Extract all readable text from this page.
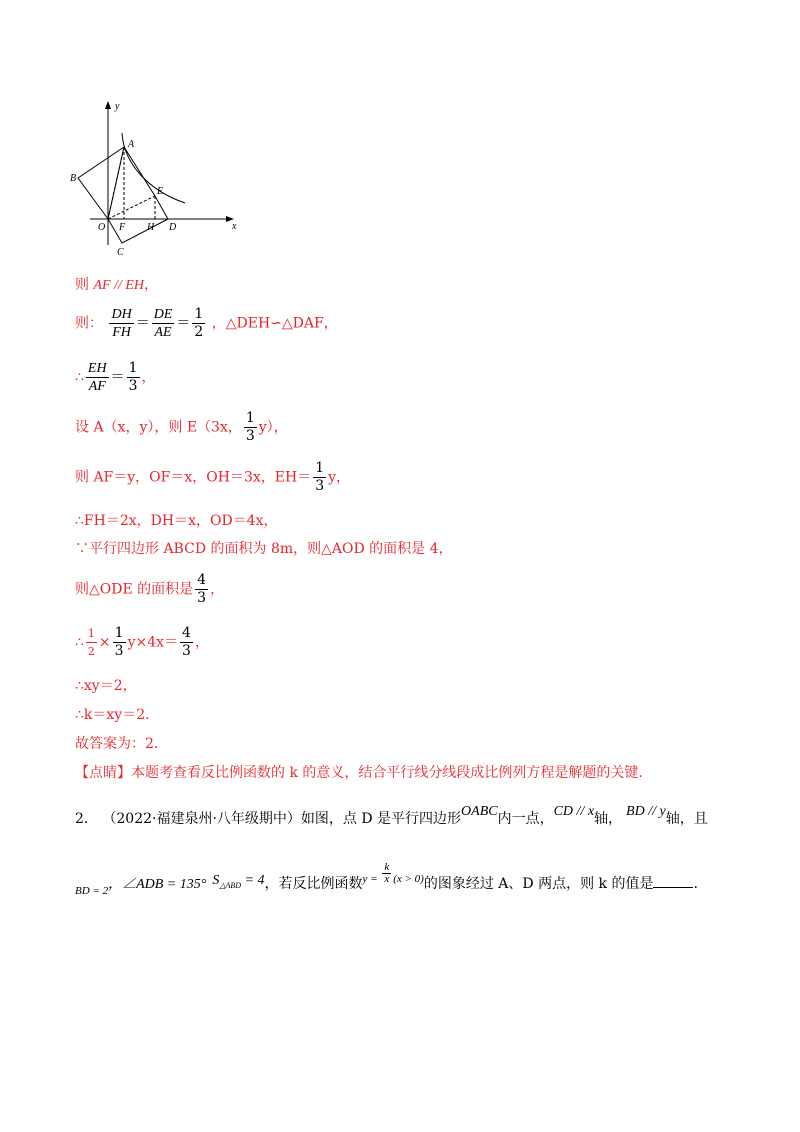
y
x
A
B
E
O F H D
C
则 AF // EH，
则： $\frac{DH}{FH} = \frac{DE}{AE} = \frac{1}{2}$ ，△DEH∽△DAF，
∴ $\frac{EH}{AF} = \frac{1}{3}$ ，
设 A（x，y），则 E（3x， $\frac{1}{3} y$），
则 AF＝y，OF＝x，OH＝3x，$EH= \frac{1}{3}$ y，
∴FH＝2x，DH＝x，OD＝4x，
∵平行四边形 ABCD 的面积为 8m，则△AOD 的面积是 4，
则△ODE 的面积是 $\frac{4}{3}$ ，
∴ $\frac{1}{2} \times \frac{1}{3} y\times 4x= \frac{4}{3}$ ，
∴xy＝2，
∴k＝xy＝2．
故答案为：2．
【点睛】本题考查看反比例函数的 k 的意义，结合平行线分线段成比例列方程是解题的关键．
2． （2022·福建泉州·八年级期中）如图，点 D 是平行四边形OABC内一点，CD // x轴， BD // y轴，且
$_{BD = 2}$，∠ADB = 135° S△ABD = 4，若反比例函数$^{y =} \frac{k}{x} ^{(x > 0)}$的图象经过 A、D 两点，则 k 的值是	.
